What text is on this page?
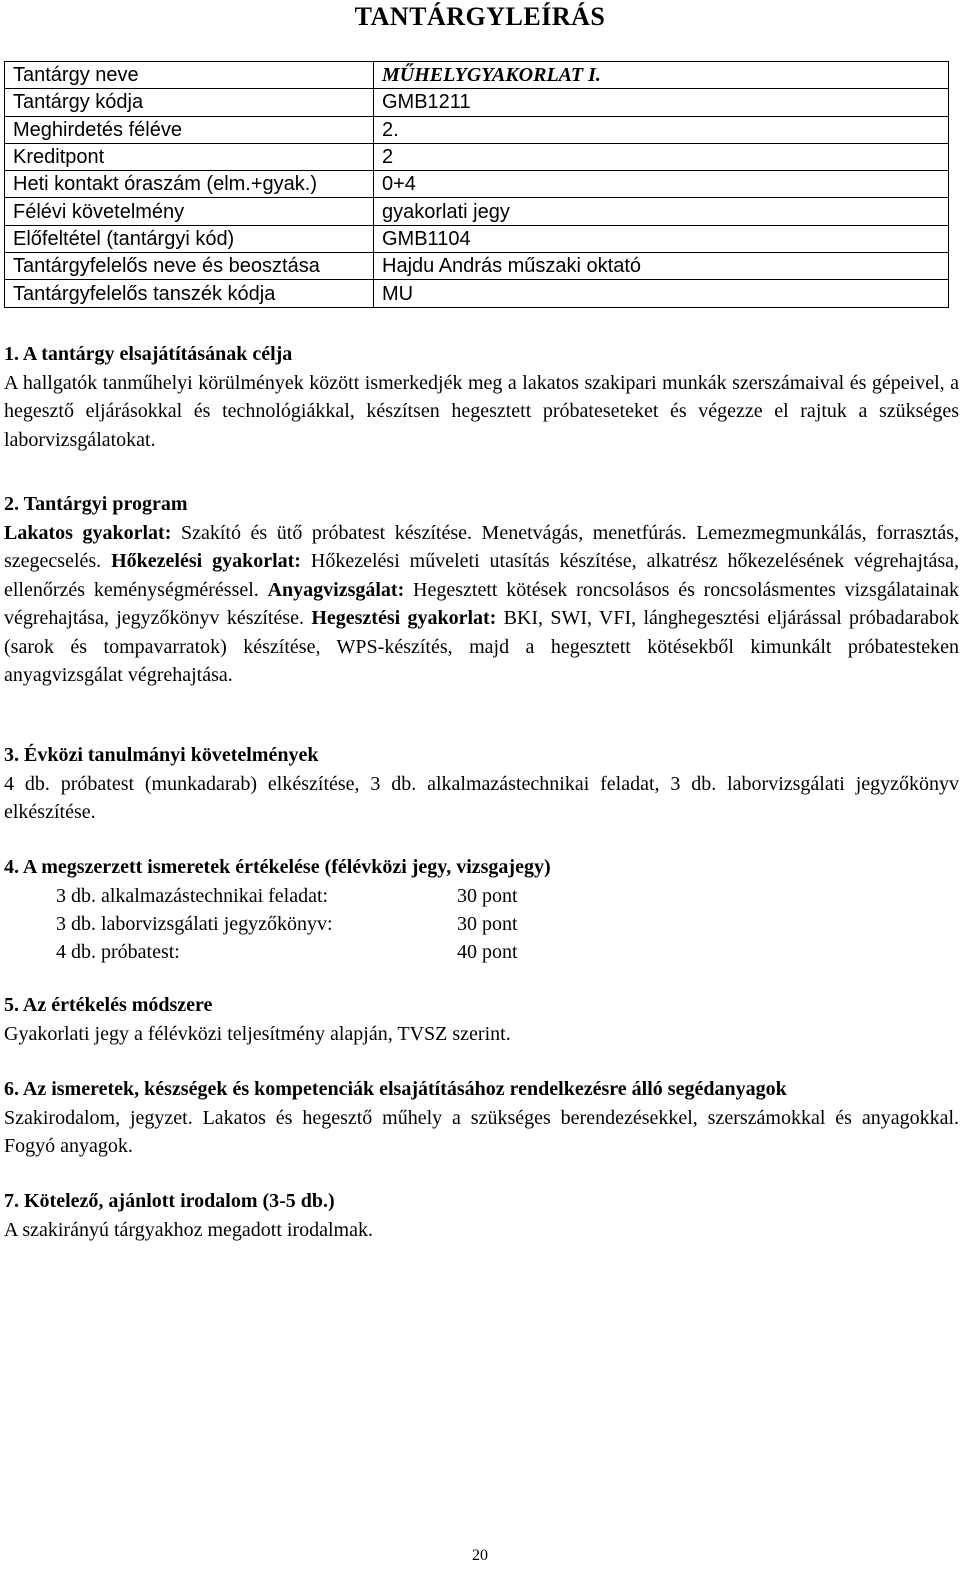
TANTÁRGYLEÍRÁS
Tantárgy neve	MŰHELYGYAKORLAT I.
Tantárgy kódja	GMB1211
Meghirdetés féléve	2.
Kreditpont	2
Heti kontakt óraszám (elm.+gyak.)	0+4
Félévi követelmény	gyakorlati jegy
Előfeltétel (tantárgyi kód)	GMB1104
Tantárgyfelelős neve és beosztása	Hajdu András műszaki oktató
Tantárgyfelelős tanszék kódja	MU
1. A tantárgy elsajátításának célja

A hallgatók tanműhelyi körülmények között ismerkedjék meg a lakatos szakipari munkák szerszámaival és gépeivel, a hegesztő eljárásokkal és technológiákkal, készítsen hegesztett próbateseteket és végezze el rajtuk a szükséges laborvizsgálatokat.

2. Tantárgyi program

Lakatos gyakorlat: Szakító és ütő próbatest készítése. Menetvágás, menetfúrás. Lemezmegmunkálás, forrasztás, szegecselés. Hőkezelési gyakorlat: Hőkezelési műveleti utasítás készítése, alkatrész hőkezelésének végrehajtása, ellenőrzés keménységméréssel. Anyagvizsgálat: Hegesztett kötések roncsolásos és roncsolásmentes vizsgálatainak végrehajtása, jegyzőkönyv készítése. Hegesztési gyakorlat: BKI, SWI, VFI, lánghegesztési eljárással próbadarabok (sarok és tompavarratok) készítése, WPS-készítés, majd a hegesztett kötésekből kimunkált próbatesteken anyagvizsgálat végrehajtása.

3. Évközi tanulmányi követelmények

4 db. próbatest (munkadarab) elkészítése, 3 db. alkalmazástechnikai feladat, 3 db. laborvizsgálati jegyzőkönyv elkészítése.

4. A megszerzett ismeretek értékelése (félévközi jegy, vizsgajegy)
3 db. alkalmazástechnikai feladat:	30 pont
3 db. laborvizsgálati jegyzőkönyv:	30 pont
4 db. próbatest:	40 pont
5. Az értékelés módszere

Gyakorlati jegy a félévközi teljesítmény alapján, TVSZ szerint.

6. Az ismeretek, készségek és kompetenciák elsajátításához rendelkezésre álló segédanyagok

Szakirodalom, jegyzet. Lakatos és hegesztő műhely a szükséges berendezésekkel, szerszámokkal és anyagokkal. Fogyó anyagok.

7. Kötelező, ajánlott irodalom (3-5 db.)

A szakirányú tárgyakhoz megadott irodalmak.

20
